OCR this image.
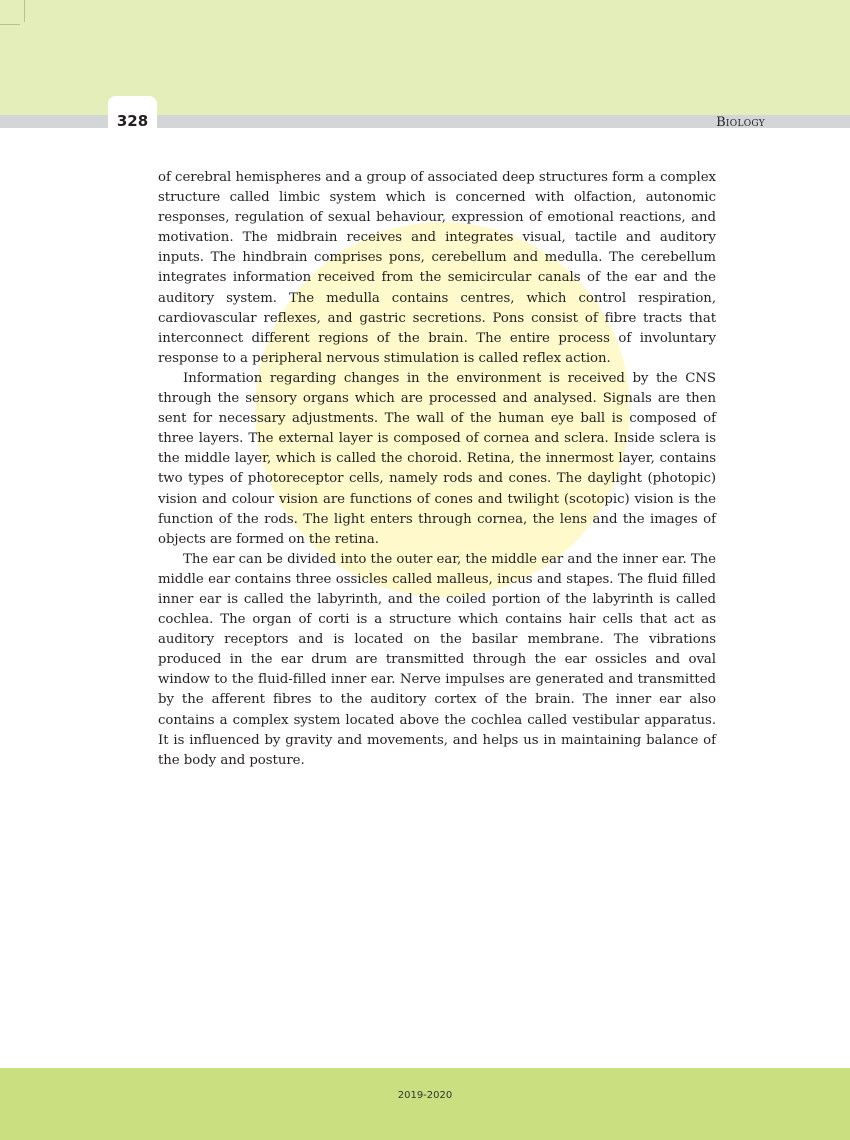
328	Biology

of cerebral hemispheres and a group of associated deep structures form a complex structure called limbic system which is concerned with olfaction, autonomic responses, regulation of sexual behaviour, expression of emotional reactions, and motivation. The midbrain receives and integrates visual, tactile and auditory inputs. The hindbrain comprises pons, cerebellum and medulla. The cerebellum integrates information received from the semicircular canals of the ear and the auditory system. The medulla contains centres, which control respiration, cardiovascular reflexes, and gastric secretions. Pons consist of fibre tracts that interconnect different regions of the brain. The entire process of involuntary response to a peripheral nervous stimulation is called reflex action.

Information regarding changes in the environment is received by the CNS through the sensory organs which are processed and analysed. Signals are then sent for necessary adjustments. The wall of the human eye ball is composed of three layers. The external layer is composed of cornea and sclera. Inside sclera is the middle layer, which is called the choroid. Retina, the innermost layer, contains two types of photoreceptor cells, namely rods and cones. The daylight (photopic) vision and colour vision are functions of cones and twilight (scotopic) vision is the function of the rods. The light enters through cornea, the lens and the images of objects are formed on the retina.

The ear can be divided into the outer ear, the middle ear and the inner ear. The middle ear contains three ossicles called malleus, incus and stapes. The fluid filled inner ear is called the labyrinth, and the coiled portion of the labyrinth is called cochlea. The organ of corti is a structure which contains hair cells that act as auditory receptors and is located on the basilar membrane. The vibrations produced in the ear drum are transmitted through the ear ossicles and oval window to the fluid-filled inner ear. Nerve impulses are generated and transmitted by the afferent fibres to the auditory cortex of the brain. The inner ear also contains a complex system located above the cochlea called vestibular apparatus. It is influenced by gravity and movements, and helps us in maintaining balance of the body and posture.

2019-2020
